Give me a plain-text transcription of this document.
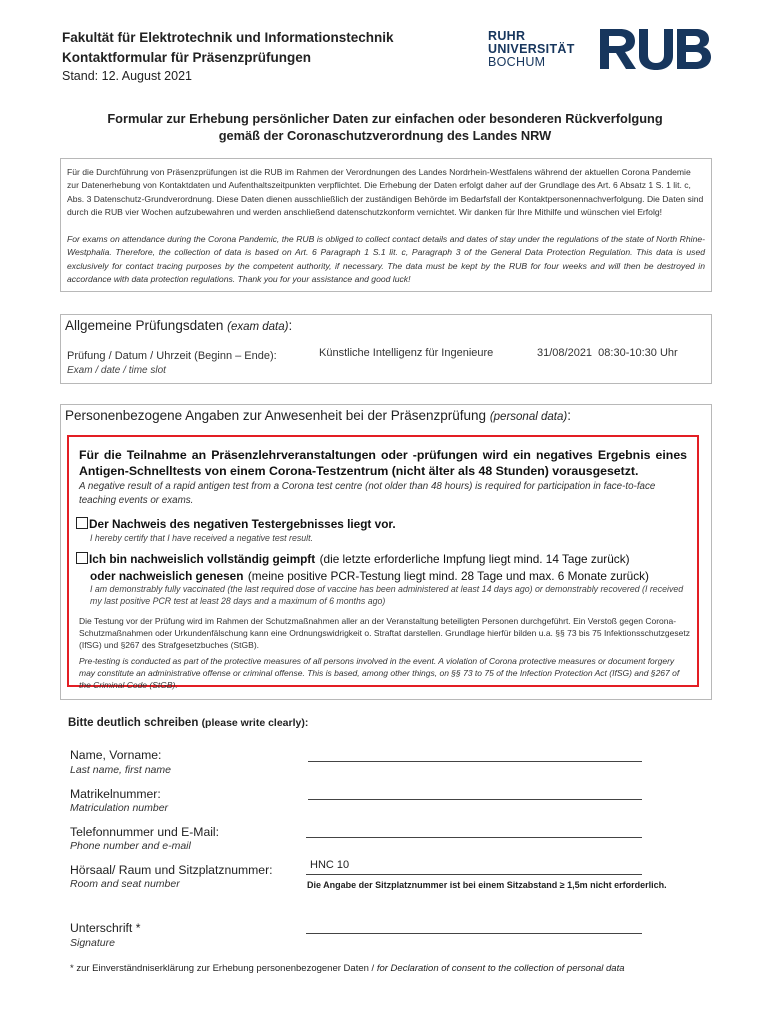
Fakultät für Elektrotechnik und Informationstechnik
Kontaktformular für Präsenzprüfungen
Stand: 12. August 2021
RUHR
UNIVERSITÄT
BOCHUM
Formular zur Erhebung persönlicher Daten zur einfachen oder besonderen Rückverfolgung
gemäß der Coronaschutzverordnung des Landes NRW
Für die Durchführung von Präsenzprüfungen ist die RUB im Rahmen der Verordnungen des Landes Nordrhein-Westfalens während der aktuellen Corona Pandemie zur Datenerhebung von Kontaktdaten und Aufenthaltszeitpunkten verpflichtet. Die Erhebung der Daten erfolgt daher auf der Grundlage des Art. 6 Absatz 1 S. 1 lit. c, Abs. 3 Datenschutz-Grundverordnung. Diese Daten dienen ausschließlich der zuständigen Behörde im Bedarfsfall der Kontaktpersonennachverfolgung. Die Daten sind durch die RUB vier Wochen aufzubewahren und werden anschließend datenschutzkonform vernichtet. Wir danken für Ihre Mithilfe und wünschen viel Erfolg!
For exams on attendance during the Corona Pandemic, the RUB is obliged to collect contact details and dates of stay under the regulations of the state of North Rhine-Westphalia. Therefore, the collection of data is based on Art. 6 Paragraph 1 S.1 lit. c, Paragraph 3 of the General Data Protection Regulation. This data is used exclusively for contact tracing purposes by the competent authority, if necessary. The data must be kept by the RUB for four weeks and will then be destroyed in accordance with data protection regulations. Thank you for your assistance and good luck!
Allgemeine Prüfungsdaten (exam data):
Prüfung / Datum / Uhrzeit (Beginn – Ende):
Exam / date / time slot
Künstliche Intelligenz für Ingenieure	31/08/2021  08:30-10:30 Uhr
Personenbezogene Angaben zur Anwesenheit bei der Präsenzprüfung (personal data):
Für die Teilnahme an Präsenzlehrveranstaltungen oder -prüfungen wird ein negatives Ergebnis eines Antigen-Schnelltests von einem Corona-Testzentrum (nicht älter als 48 Stunden) vorausgesetzt.
A negative result of a rapid antigen test from a Corona test centre (not older than 48 hours) is required for participation in face-to-face teaching events or exams.
Der Nachweis des negativen Testergebnisses liegt vor.
I hereby certify that I have received a negative test result.
Ich bin nachweislich vollständig geimpft (die letzte erforderliche Impfung liegt mind. 14 Tage zurück)
oder nachweislich genesen (meine positive PCR-Testung liegt mind. 28 Tage und max. 6 Monate zurück)
I am demonstrably fully vaccinated (the last required dose of vaccine has been administered at least 14 days ago) or demonstrably recovered (I received my last positive PCR test at least 28 days and a maximum of 6 months ago)
Die Testung vor der Prüfung wird im Rahmen der Schutzmaßnahmen aller an der Veranstaltung beteiligten Personen durchgeführt. Ein Verstoß gegen Corona-Schutzmaßnahmen oder Urkundenfälschung kann eine Ordnungswidrigkeit o. Straftat darstellen. Grundlage hierfür bilden u.a. §§ 73 bis 75 Infektionsschutzgesetz (IfSG) und §267 des Strafgesetzbuches (StGB).
Pre-testing is conducted as part of the protective measures of all persons involved in the event. A violation of Corona protective measures or document forgery may constitute an administrative offense or criminal offense. This is based, among other things, on §§ 73 to 75 of the Infection Protection Act (IfSG) and §267 of the Criminal Code (StGB).
Bitte deutlich schreiben (please write clearly):
Name, Vorname:
Last name, first name
Matrikelnummer:
Matriculation number
Telefonnummer und E-Mail:
Phone number and e-mail
Hörsaal/ Raum und Sitzplatznummer:
Room and seat number
HNC 10
Die Angabe der Sitzplatznummer ist bei einem Sitzabstand ≥ 1,5m nicht erforderlich.
Unterschrift *
Signature
* zur Einverständniserklärung zur Erhebung personenbezogener Daten / for Declaration of consent to the collection of personal data
